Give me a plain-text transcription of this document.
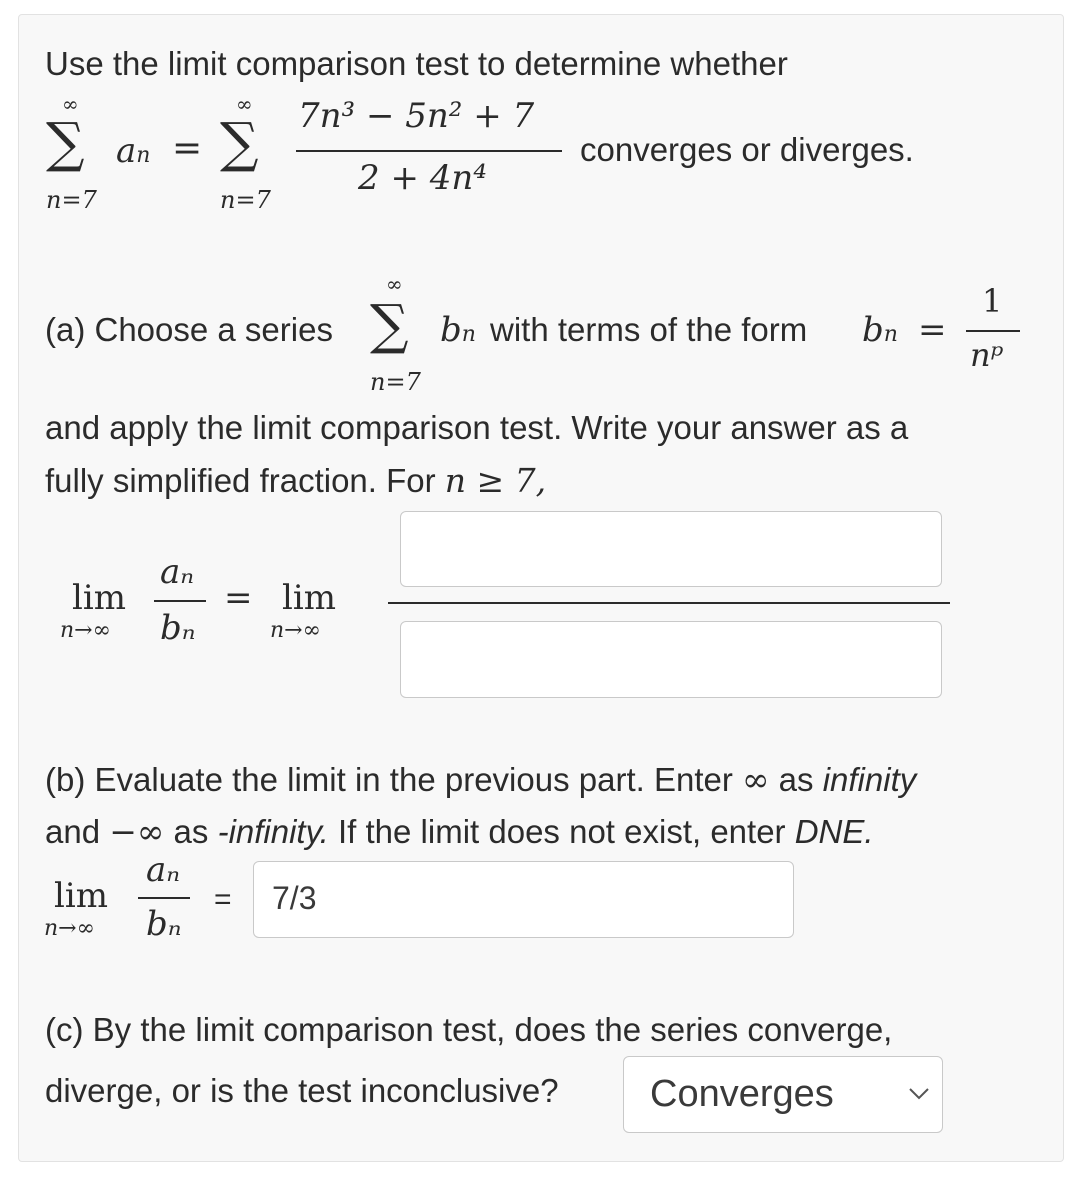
Use the limit comparison test to determine whether
∞
∑
n=7
an =
∞
∑
n=7
7n³ − 5n² + 7
2 + 4n⁴
converges or diverges.
(a) Choose a series
∞
∑
n=7
bn with terms of the form bn =
1
nᵖ
and apply the limit comparison test. Write your answer as a
fully simplified fraction. For n ≥ 7,
lim
n→∞
aₙ
bₙ
= lim
n→∞
(b) Evaluate the limit in the previous part. Enter ∞ as infinity
and −∞ as -infinity. If the limit does not exist, enter DNE.
lim
n→∞
aₙ
bₙ
= 7/3
(c) By the limit comparison test, does the series converge,
diverge, or is the test inconclusive? Converges
